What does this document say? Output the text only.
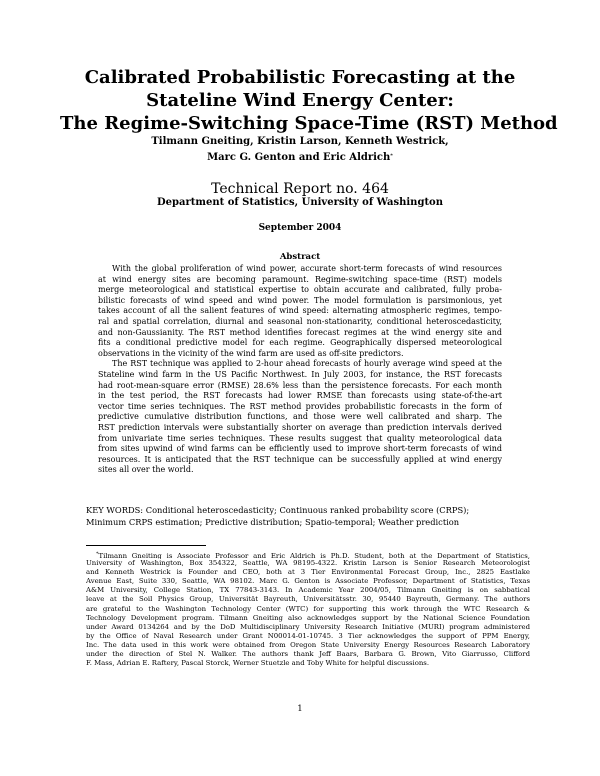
Calibrated Probabilistic Forecasting at the
Stateline Wind Energy Center:
The Regime-Switching Space-Time (RST) Method
Tilmann Gneiting, Kristin Larson, Kenneth Westrick,
Marc G. Genton and Eric Aldrich*
Technical Report no. 464
Department of Statistics, University of Washington
September 2004
Abstract
With the global proliferation of wind power, accurate short-term forecasts of wind resources
at wind energy sites are becoming paramount. Regime-switching space-time (RST) models
merge meteorological and statistical expertise to obtain accurate and calibrated, fully proba-
bilistic forecasts of wind speed and wind power. The model formulation is parsimonious, yet
takes account of all the salient features of wind speed: alternating atmospheric regimes, tempo-
ral and spatial correlation, diurnal and seasonal non-stationarity, conditional heteroscedasticity,
and non-Gaussianity. The RST method identifies forecast regimes at the wind energy site and
fits a conditional predictive model for each regime. Geographically dispersed meteorological
observations in the vicinity of the wind farm are used as off-site predictors.
The RST technique was applied to 2-hour ahead forecasts of hourly average wind speed at the
Stateline wind farm in the US Pacific Northwest. In July 2003, for instance, the RST forecasts
had root-mean-square error (RMSE) 28.6% less than the persistence forecasts. For each month
in the test period, the RST forecasts had lower RMSE than forecasts using state-of-the-art
vector time series techniques. The RST method provides probabilistic forecasts in the form of
predictive cumulative distribution functions, and those were well calibrated and sharp. The
RST prediction intervals were substantially shorter on average than prediction intervals derived
from univariate time series techniques. These results suggest that quality meteorological data
from sites upwind of wind farms can be efficiently used to improve short-term forecasts of wind
resources. It is anticipated that the RST technique can be successfully applied at wind energy
sites all over the world.
KEY WORDS: Conditional heteroscedasticity; Continuous ranked probability score (CRPS);
Minimum CRPS estimation; Predictive distribution; Spatio-temporal; Weather prediction
*Tilmann Gneiting is Associate Professor and Eric Aldrich is Ph.D. Student, both at the Department of Statistics,
University of Washington, Box 354322, Seattle, WA 98195-4322. Kristin Larson is Senior Research Meteorologist
and Kenneth Westrick is Founder and CEO, both at 3 Tier Environmental Forecast Group, Inc., 2825 Eastlake
Avenue East, Suite 330, Seattle, WA 98102. Marc G. Genton is Associate Professor, Department of Statistics, Texas
A&M University, College Station, TX 77843-3143. In Academic Year 2004/05, Tilmann Gneiting is on sabbatical
leave at the Soil Physics Group, Universität Bayreuth, Universitätsstr. 30, 95440 Bayreuth, Germany. The authors
are grateful to the Washington Technology Center (WTC) for supporting this work through the WTC Research &
Technology Development program. Tilmann Gneiting also acknowledges support by the National Science Foundation
under Award 0134264 and by the DoD Multidisciplinary University Research Initiative (MURI) program administered
by the Office of Naval Research under Grant N00014-01-10745. 3 Tier acknowledges the support of PPM Energy,
Inc. The data used in this work were obtained from Oregon State University Energy Resources Research Laboratory
under the direction of Stel N. Walker. The authors thank Jeff Baars, Barbara G. Brown, Vito Giarrusso, Clifford
F. Mass, Adrian E. Raftery, Pascal Storck, Werner Stuetzle and Toby White for helpful discussions.
1
